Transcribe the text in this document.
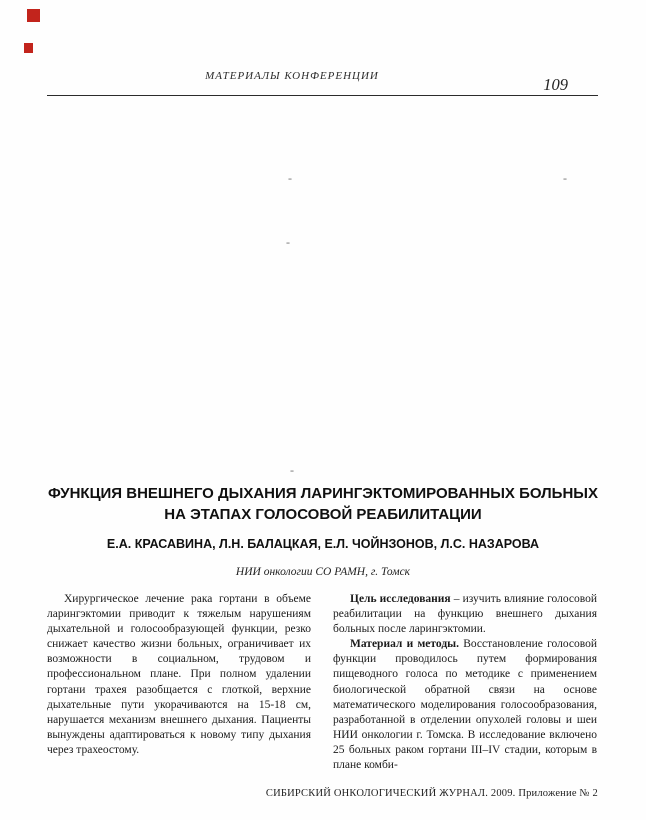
МАТЕРИАЛЫ КОНФЕРЕНЦИИ	109
-	-
-
-
ФУНКЦИЯ ВНЕШНЕГО ДЫХАНИЯ ЛАРИНГЭКТОМИРОВАННЫХ БОЛЬНЫХ НА ЭТАПАХ ГОЛОСОВОЙ РЕАБИЛИТАЦИИ
Е.А. КРАСАВИНА, Л.Н. БАЛАЦКАЯ, Е.Л. ЧОЙНЗОНОВ, Л.С. НАЗАРОВА
НИИ онкологии СО РАМН, г. Томск

Хирургическое лечение рака гортани в объеме ларингэктомии приводит к тяжелым нарушениям дыхательной и голосообразующей функции, резко снижает качество жизни больных, ограничивает их возможности в социальном, трудовом и профессиональном плане. При полном удалении гортани трахея разобщается с глоткой, верхние дыхательные пути укорачиваются на 15-18 см, нарушается механизм внешнего дыхания. Пациенты вынуждены адаптироваться к новому типу дыхания через трахеостому.

Цель исследования – изучить влияние голосовой реабилитации на функцию внешнего дыхания больных после ларингэктомии.

Материал и методы. Восстановление голосовой функции проводилось путем формирования пищеводного голоса по методике с применением биологической обратной связи на основе математического моделирования голосообразования, разработанной в отделении опухолей головы и шеи НИИ онкологии г. Томска. В исследование включено 25 больных раком гортани III–IV стадии, которым в плане комби-

СИБИРСКИЙ ОНКОЛОГИЧЕСКИЙ ЖУРНАЛ. 2009. Приложение № 2
